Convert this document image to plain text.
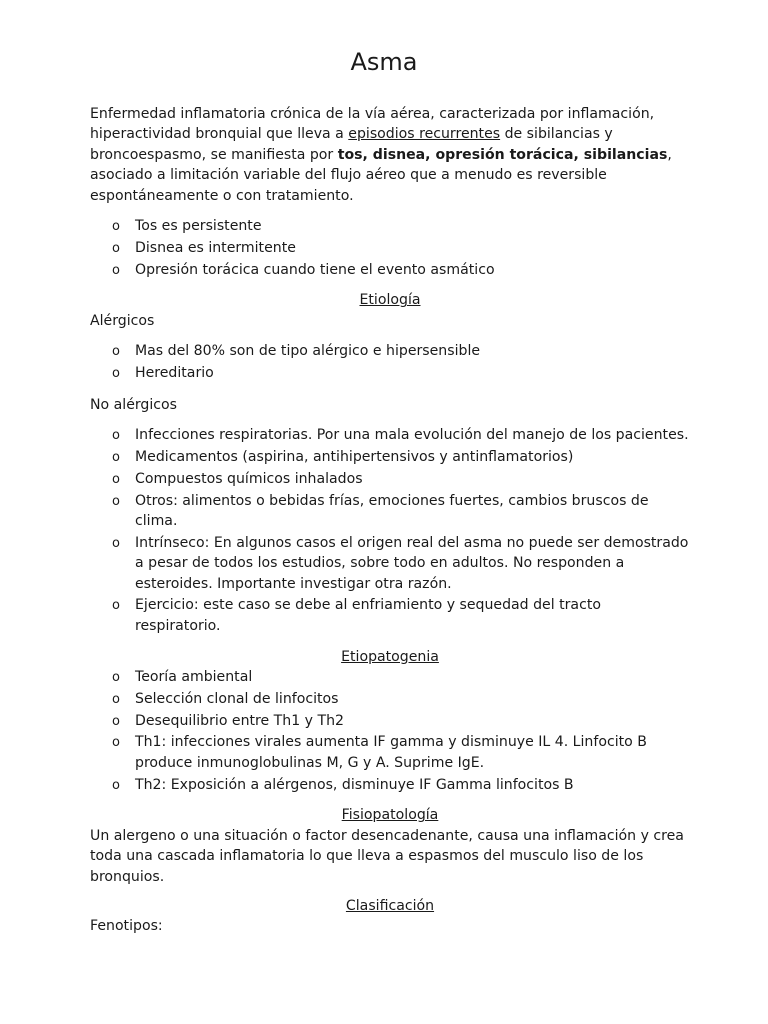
Asma

Enfermedad inflamatoria crónica de la vía aérea, caracterizada por inflamación, hiperactividad bronquial que lleva a episodios recurrentes de sibilancias y broncoespasmo, se manifiesta por tos, disnea, opresión torácica, sibilancias, asociado a limitación variable del flujo aéreo que a menudo es reversible espontáneamente o con tratamiento.

o Tos es persistente
o Disnea es intermitente
o Opresión torácica cuando tiene el evento asmático

Etiología

Alérgicos

o Mas del 80% son de tipo alérgico e hipersensible
o Hereditario

No alérgicos

o Infecciones respiratorias. Por una mala evolución del manejo de los pacientes.
o Medicamentos (aspirina, antihipertensivos y antinflamatorios)
o Compuestos químicos inhalados
o Otros: alimentos o bebidas frías, emociones fuertes, cambios bruscos de clima.
o Intrínseco: En algunos casos el origen real del asma no puede ser demostrado a pesar de todos los estudios, sobre todo en adultos. No responden a esteroides. Importante investigar otra razón.
o Ejercicio: este caso se debe al enfriamiento y sequedad del tracto respiratorio.

Etiopatogenia

o Teoría ambiental
o Selección clonal de linfocitos
o Desequilibrio entre Th1 y Th2
o Th1: infecciones virales aumenta IF gamma y disminuye IL 4. Linfocito B produce inmunoglobulinas M, G y A. Suprime IgE.
o Th2: Exposición a alérgenos, disminuye IF Gamma linfocitos B

Fisiopatología

Un alergeno o una situación o factor desencadenante, causa una inflamación y crea toda una cascada inflamatoria lo que lleva a espasmos del musculo liso de los bronquios.

Clasificación

Fenotipos:
